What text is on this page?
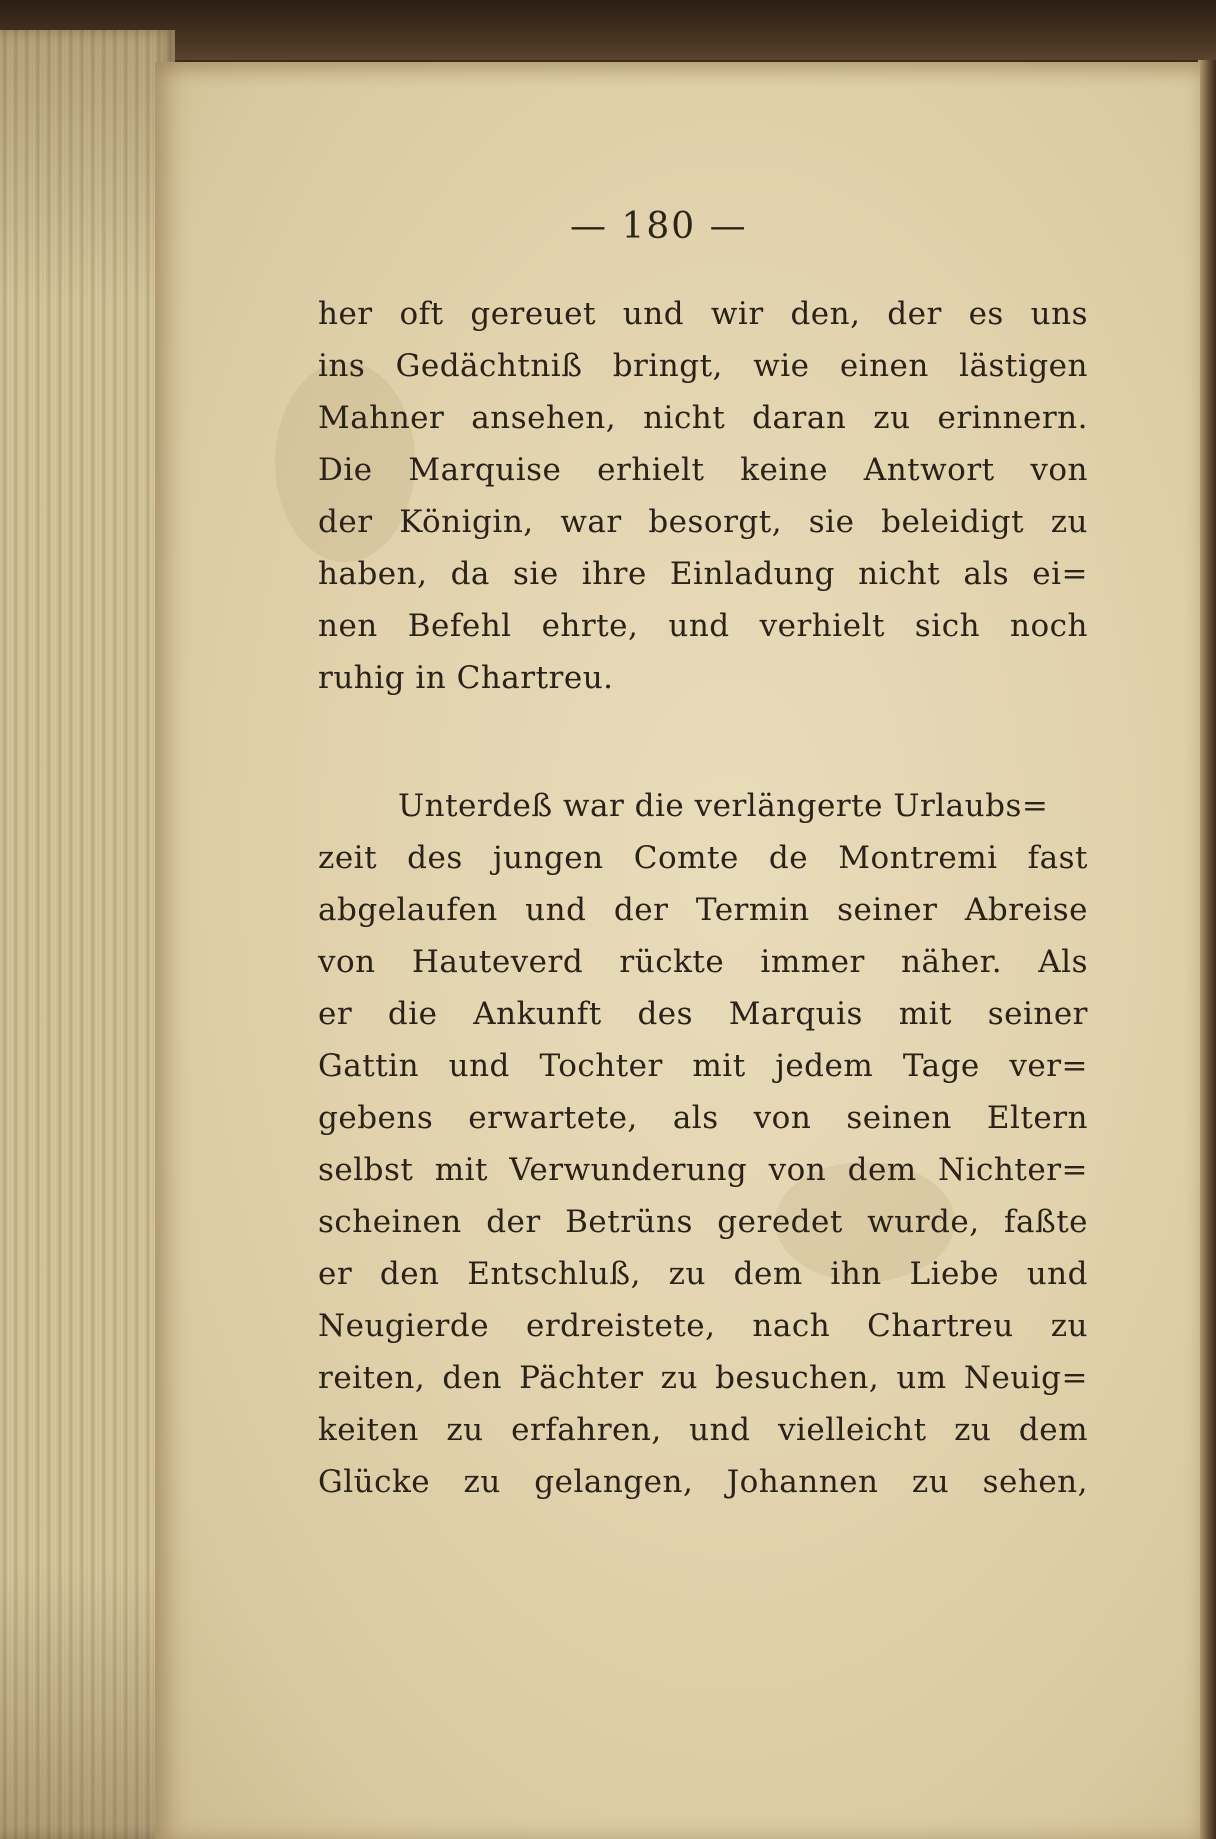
— 180 —
her oft gereuet und wir den, der es uns
ins Gedächtniß bringt, wie einen lästigen
Mahner ansehen, nicht daran zu erinnern.
Die Marquise erhielt keine Antwort von
der Königin, war besorgt, sie beleidigt zu
haben, da sie ihre Einladung nicht als ei=
nen Befehl ehrte, und verhielt sich noch
ruhig in Chartreu.
Unterdeß war die verlängerte Urlaubs=
zeit des jungen Comte de Montremi fast
abgelaufen und der Termin seiner Abreise
von Hauteverd rückte immer näher. Als
er die Ankunft des Marquis mit seiner
Gattin und Tochter mit jedem Tage ver=
gebens erwartete, als von seinen Eltern
selbst mit Verwunderung von dem Nichter=
scheinen der Betrüns geredet wurde, faßte
er den Entschluß, zu dem ihn Liebe und
Neugierde erdreistete, nach Chartreu zu
reiten, den Pächter zu besuchen, um Neuig=
keiten zu erfahren, und vielleicht zu dem
Glücke zu gelangen, Johannen zu sehen,
